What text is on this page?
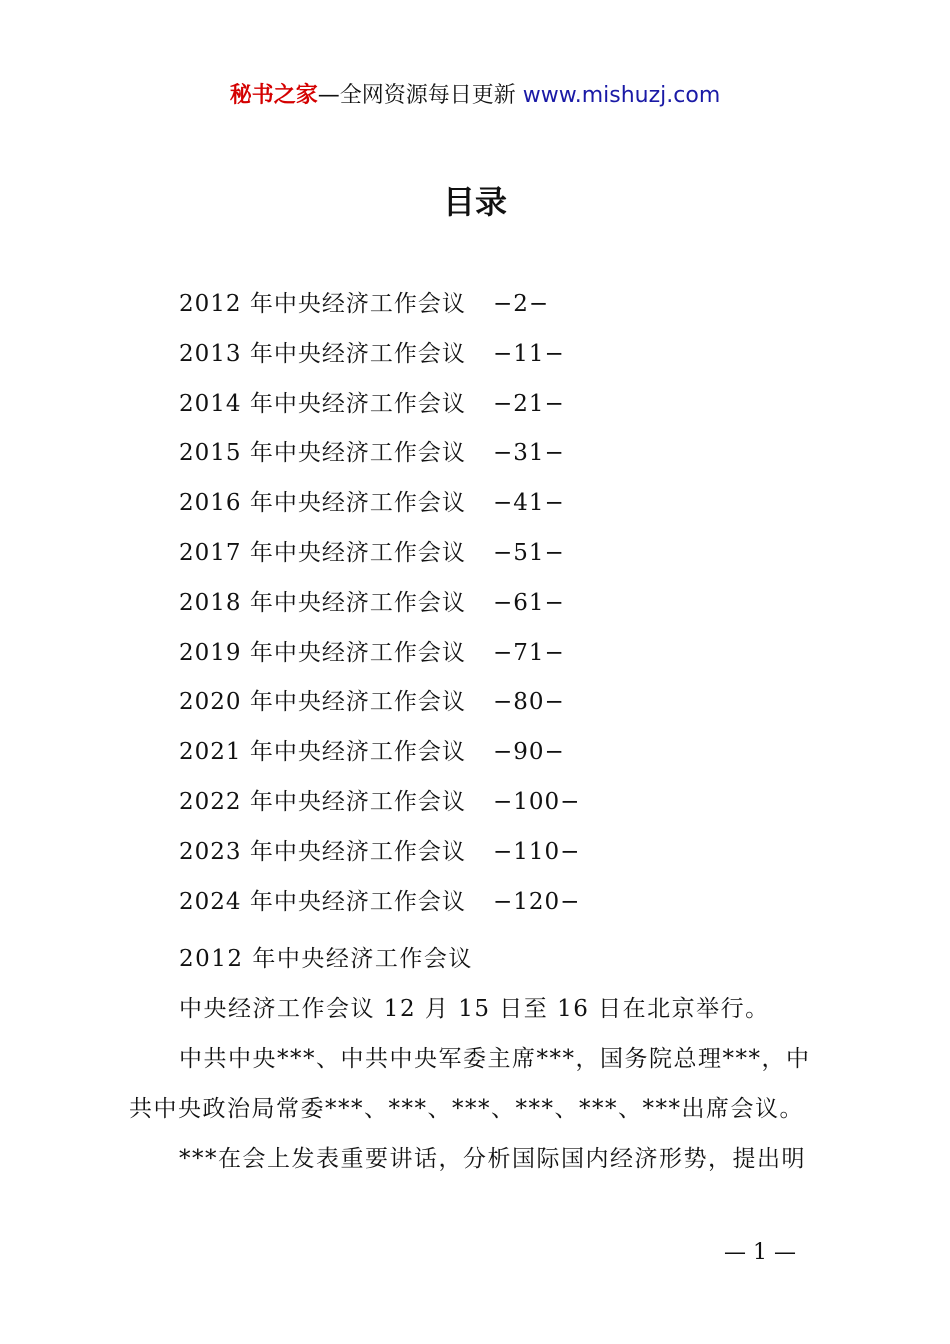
秘书之家—全网资源每日更新 www.mishuzj.com
目录
2012 年中央经济工作会议	−2−
2013 年中央经济工作会议	−11−
2014 年中央经济工作会议	−21−
2015 年中央经济工作会议	−31−
2016 年中央经济工作会议	−41−
2017 年中央经济工作会议	−51−
2018 年中央经济工作会议	−61−
2019 年中央经济工作会议	−71−
2020 年中央经济工作会议	−80−
2021 年中央经济工作会议	−90−
2022 年中央经济工作会议	−100−
2023 年中央经济工作会议	−110−
2024 年中央经济工作会议	−120−

2012 年中央经济工作会议

中央经济工作会议 12 月 15 日至 16 日在北京举行。

中共中央***、中共中央军委主席***，国务院总理***，中共中央政治局常委***、***、***、***、***、***出席会议。

***在会上发表重要讲话，分析国际国内经济形势，提出明

— 1 —
